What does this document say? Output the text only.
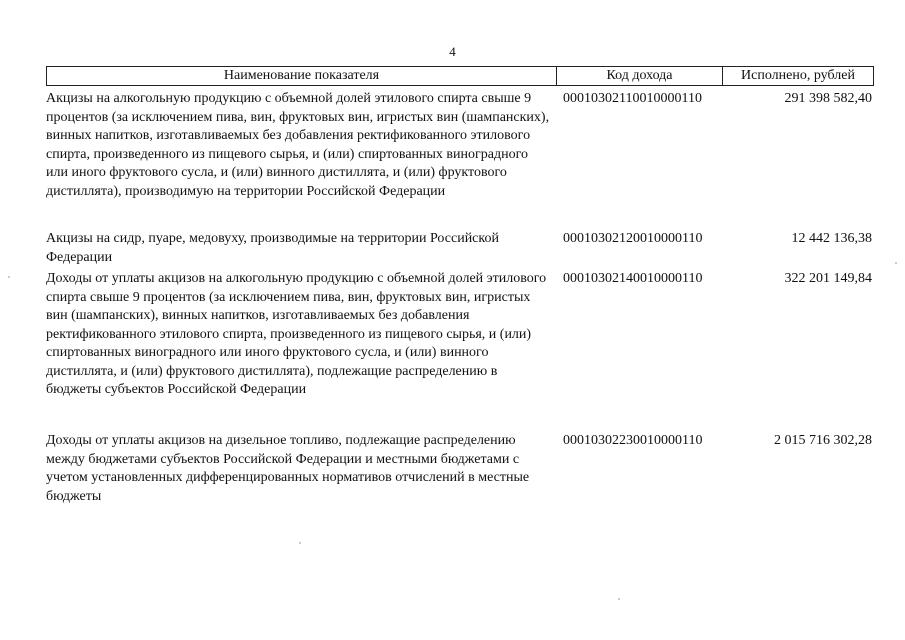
4
Наименование показателя	Код дохода	Исполнено, рублей
Акцизы на алкогольную продукцию с объемной долей этилового спирта свыше 9 процентов (за исключением пива, вин, фруктовых вин, игристых вин (шампанских), винных напитков, изготавливаемых без добавления ректификованного этилового спирта, произведенного из пищевого сырья, и (или) спиртованных виноградного или иного фруктового сусла, и (или) винного дистиллята, и (или) фруктового дистиллята), производимую на территории Российской Федерации
00010302110010000110	291 398 582,40
Акцизы на сидр, пуаре, медовуху, производимые на территории Российской Федерации
00010302120010000110	12 442 136,38
Доходы от уплаты акцизов на алкогольную продукцию с объемной долей этилового спирта свыше 9 процентов (за исключением пива, вин, фруктовых вин, игристых вин (шампанских), винных напитков, изготавливаемых без добавления ректификованного этилового спирта, произведенного из пищевого сырья, и (или) спиртованных виноградного или иного фруктового сусла, и (или) винного дистиллята, и (или) фруктового дистиллята), подлежащие распределению в бюджеты субъектов Российской Федерации
00010302140010000110	322 201 149,84
Доходы от уплаты акцизов на дизельное топливо, подлежащие распределению между бюджетами субъектов Российской Федерации и местными бюджетами с учетом установленных дифференцированных нормативов отчислений в местные бюджеты
00010302230010000110	2 015 716 302,28
